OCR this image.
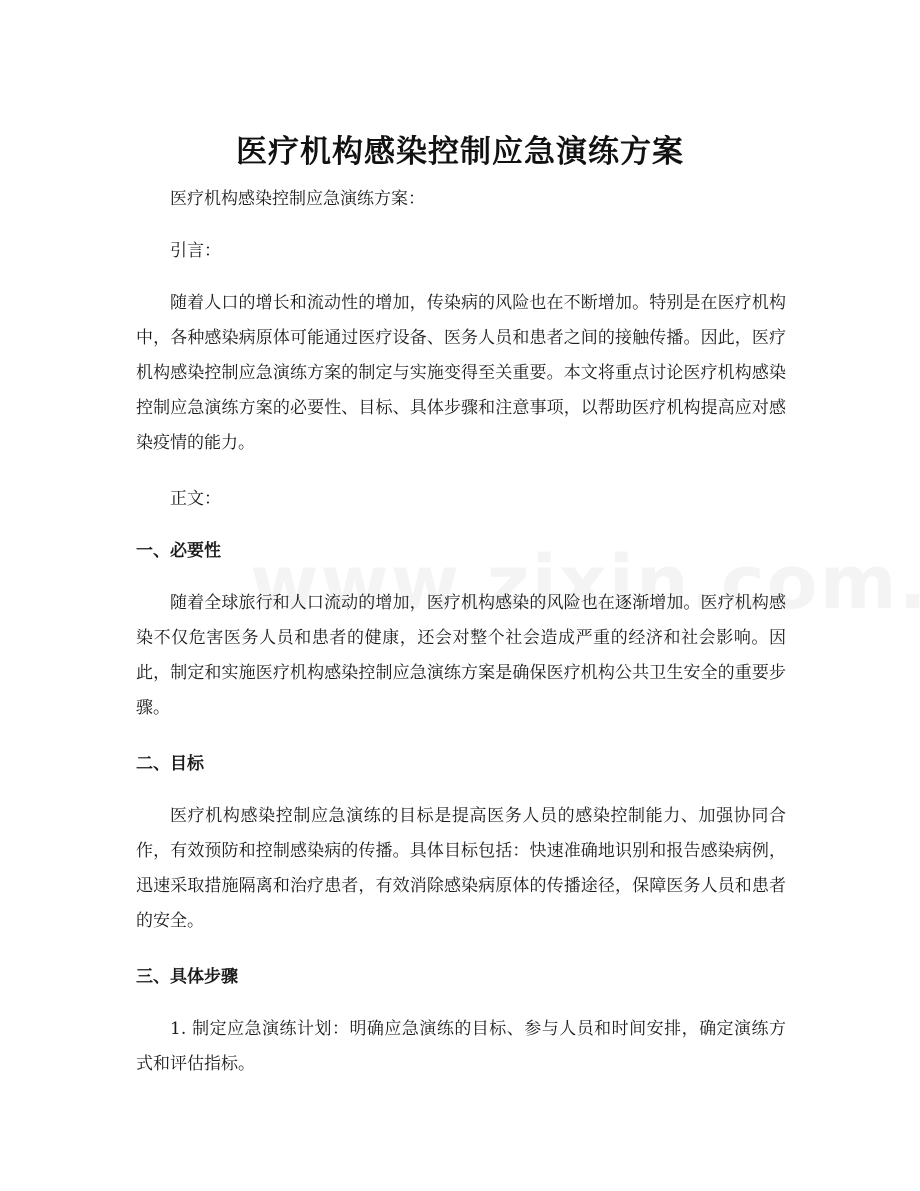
医疗机构感染控制应急演练方案

医疗机构感染控制应急演练方案：

引言：

随着人口的增长和流动性的增加，传染病的风险也在不断增加。特别是在医疗机构中，各种感染病原体可能通过医疗设备、医务人员和患者之间的接触传播。因此，医疗机构感染控制应急演练方案的制定与实施变得至关重要。本文将重点讨论医疗机构感染控制应急演练方案的必要性、目标、具体步骤和注意事项，以帮助医疗机构提高应对感染疫情的能力。

正文：

一、必要性

随着全球旅行和人口流动的增加，医疗机构感染的风险也在逐渐增加。医疗机构感染不仅危害医务人员和患者的健康，还会对整个社会造成严重的经济和社会影响。因此，制定和实施医疗机构感染控制应急演练方案是确保医疗机构公共卫生安全的重要步骤。

二、目标

医疗机构感染控制应急演练的目标是提高医务人员的感染控制能力、加强协同合作，有效预防和控制感染病的传播。具体目标包括：快速准确地识别和报告感染病例，迅速采取措施隔离和治疗患者，有效消除感染病原体的传播途径，保障医务人员和患者的安全。

三、具体步骤

1. 制定应急演练计划：明确应急演练的目标、参与人员和时间安排，确定演练方式和评估指标。
